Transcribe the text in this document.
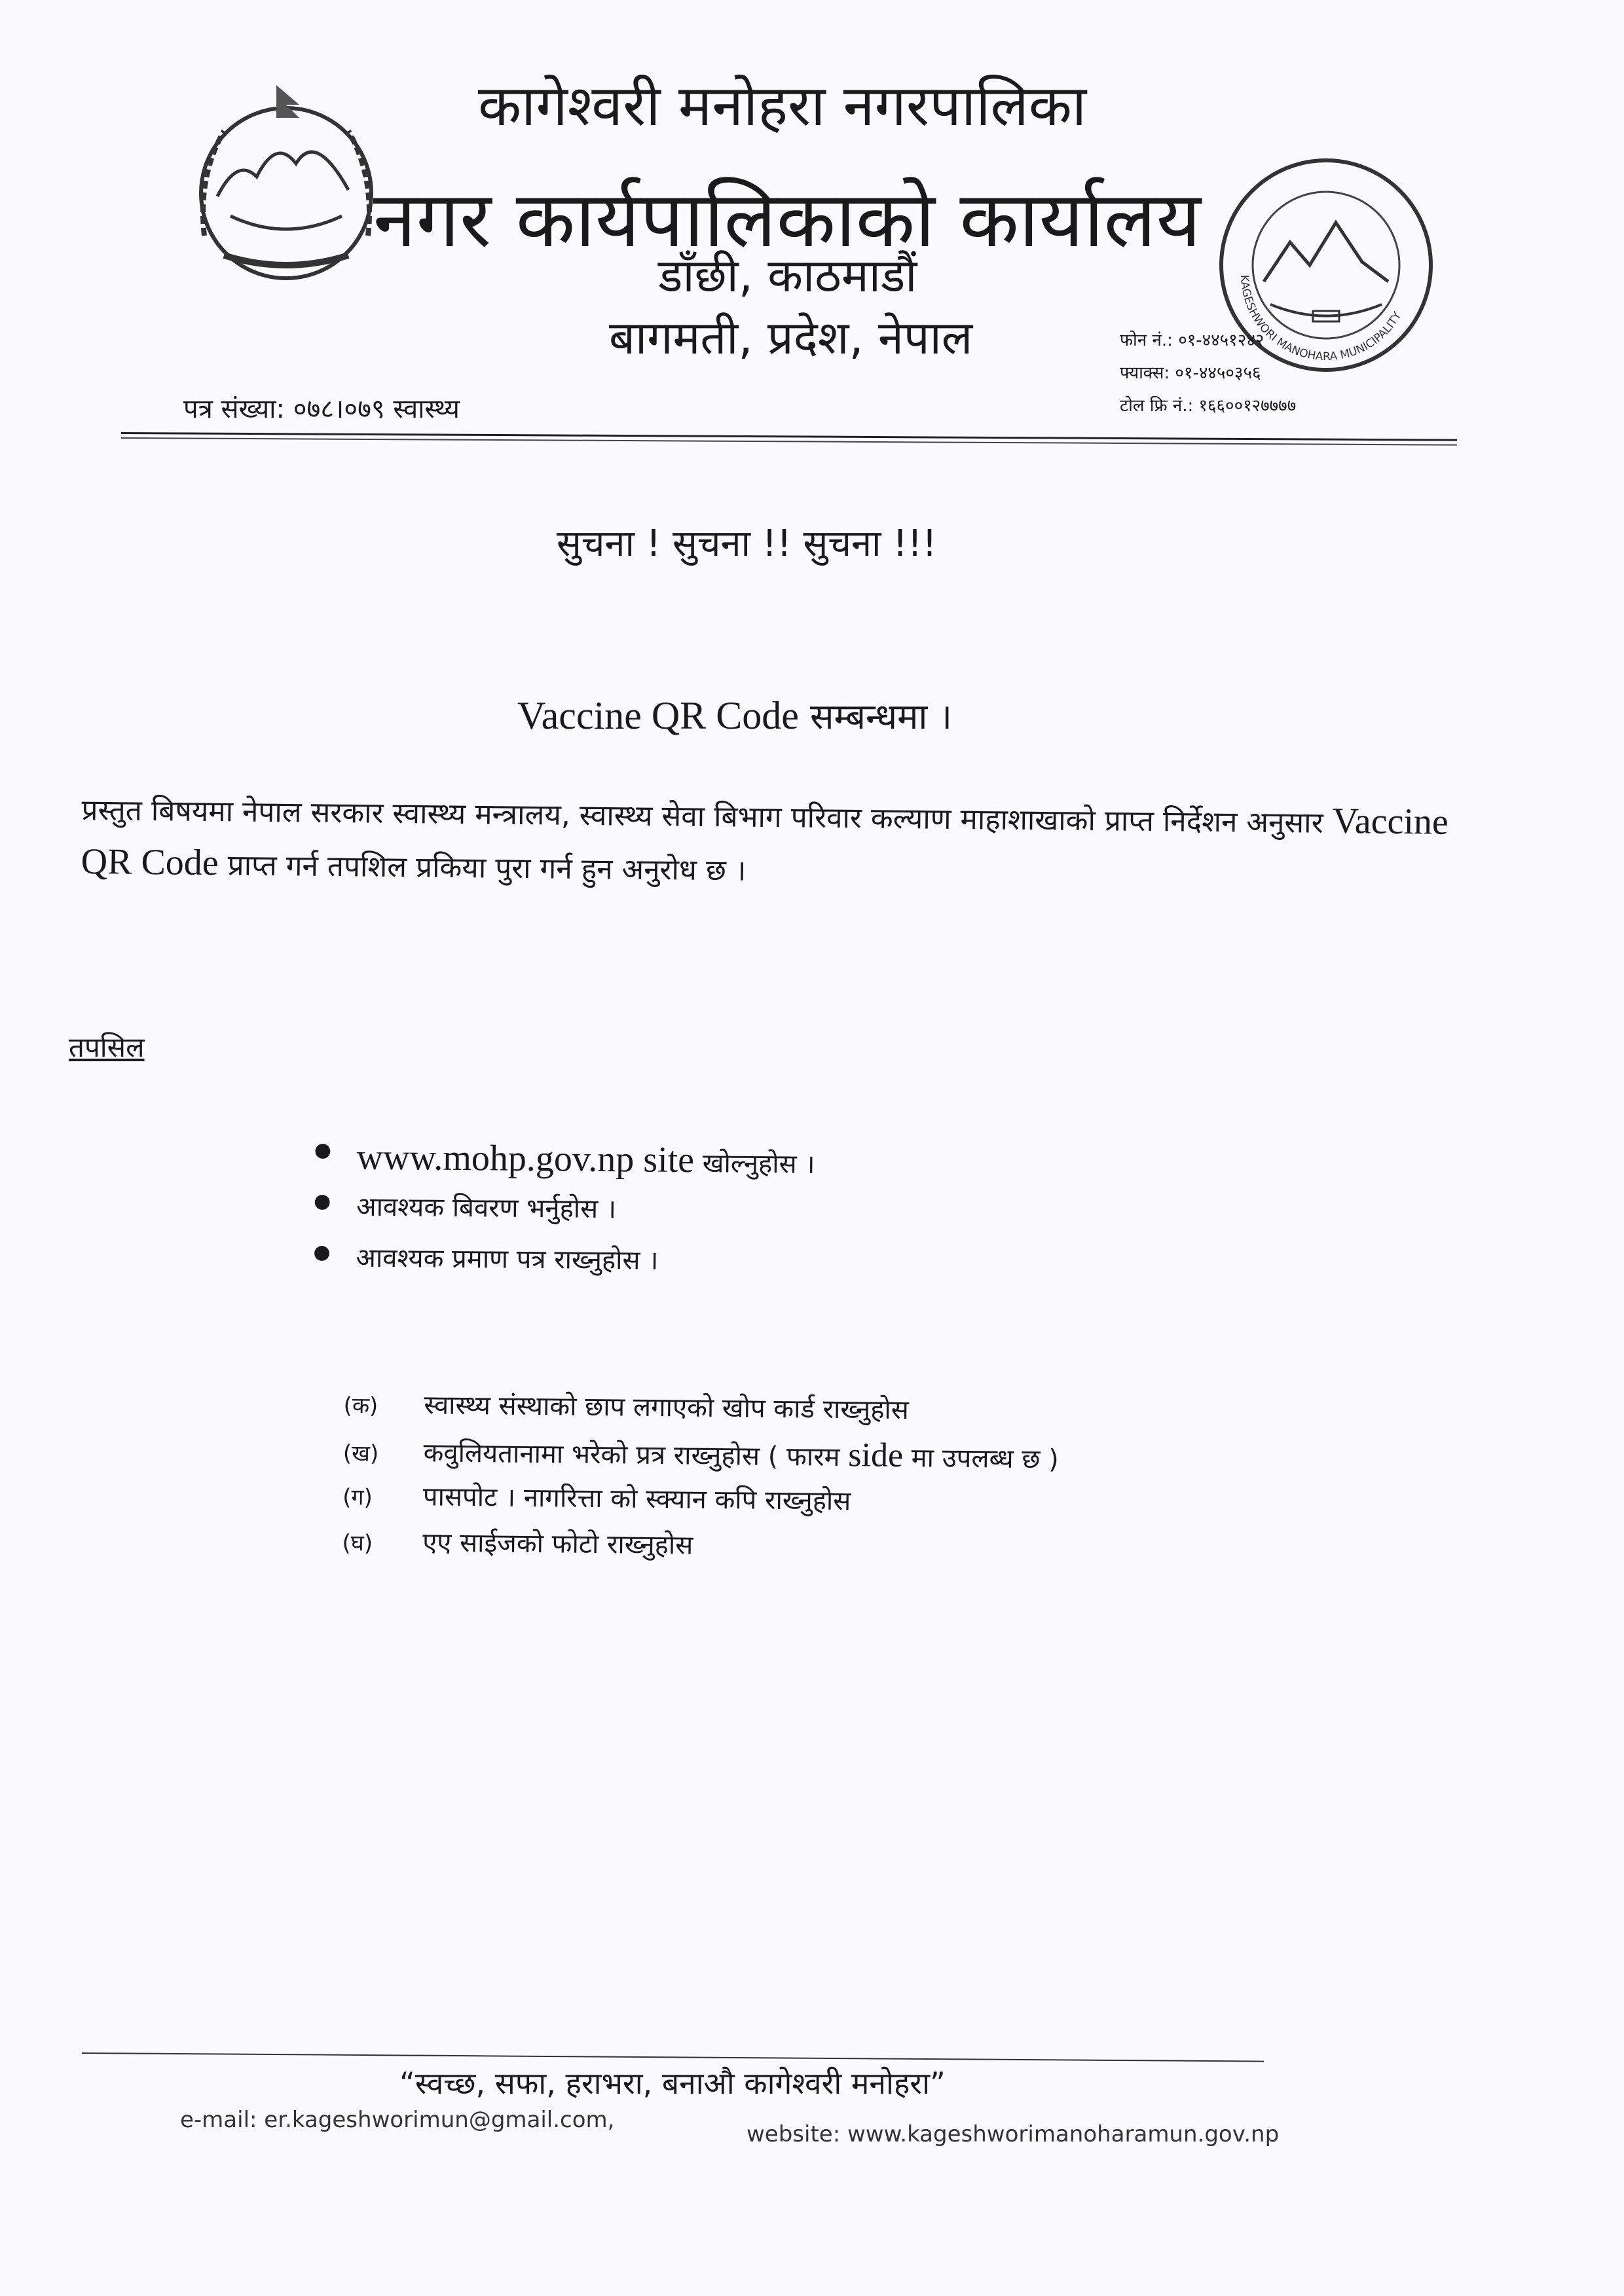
KAGESHWORI MANOHARA MUNICIPALITY
कागेश्वरी मनोहरा नगरपालिका
नगर कार्यपालिकाको कार्यालय
डाँछी, काठमाडौं
बागमती, प्रदेश, नेपाल	फोन नं.: ०१-४४५१२४२
फ्याक्स: ०१-४४५०३५६
टोल फ्रि नं.: १६६००१२७७७७
पत्र संख्या: ०७८।०७९ स्वास्थ्य
सुचना ! सुचना !! सुचना !!!
Vaccine QR Code सम्बन्धमा ।
प्रस्तुत बिषयमा नेपाल सरकार स्वास्थ्य मन्त्रालय, स्वास्थ्य सेवा बिभाग परिवार कल्याण माहाशाखाको प्राप्त निर्देशन अनुसार Vaccine QR Code प्राप्त गर्न तपशिल प्रकिया पुरा गर्न हुन अनुरोध छ ।
तपसिल
● www.mohp.gov.np site खोल्नुहोस ।
● आवश्यक बिवरण भर्नुहोस ।
● आवश्यक प्रमाण पत्र राख्नुहोस ।
(क) स्वास्थ्य संस्थाको छाप लगाएको खोप कार्ड राख्नुहोस
(ख) कवुलियतानामा भरेको प्रत्र राख्नुहोस ( फारम side मा उपलब्ध छ )
(ग) पासपोट । नागरित्ता को स्क्यान कपि राख्नुहोस
(घ) एए साईजको फोटो राख्नुहोस
“स्वच्छ, सफा, हराभरा, बनाऔ कागेश्वरी मनोहरा”
e-mail: er.kageshworimun@gmail.com,
website: www.kageshworimanoharamun.gov.np
